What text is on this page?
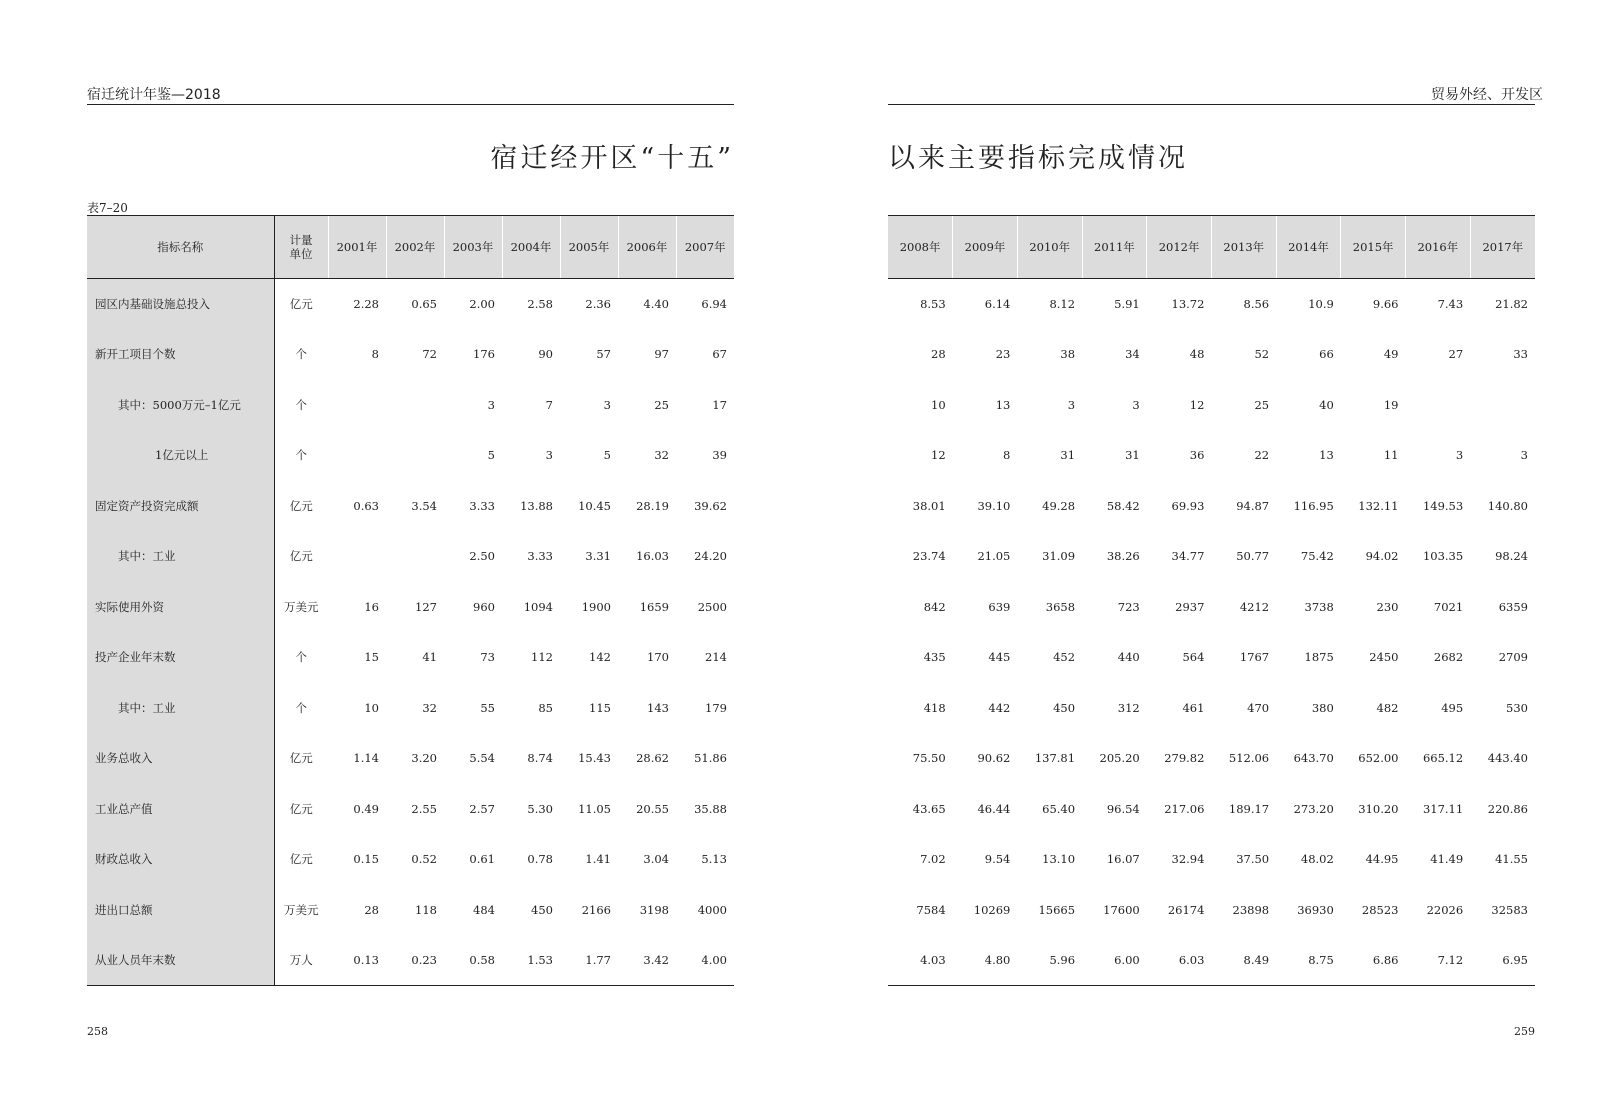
宿迁统计年鉴—2018
宿迁经开区“十五”
表7–20
指标名称	计量
单位	2001年	2002年	2003年	2004年	2005年	2006年	2007年
园区内基础设施总投入	亿元	2.28	0.65	2.00	2.58	2.36	4.40	6.94
新开工项目个数	个	8	72	176	90	57	97	67
其中：5000万元–1亿元	个			3	7	3	25	17
1亿元以上	个			5	3	5	32	39
固定资产投资完成额	亿元	0.63	3.54	3.33	13.88	10.45	28.19	39.62
其中：工业	亿元			2.50	3.33	3.31	16.03	24.20
实际使用外资	万美元	16	127	960	1094	1900	1659	2500
投产企业年末数	个	15	41	73	112	142	170	214
其中：工业	个	10	32	55	85	115	143	179
业务总收入	亿元	1.14	3.20	5.54	8.74	15.43	28.62	51.86
工业总产值	亿元	0.49	2.55	2.57	5.30	11.05	20.55	35.88
财政总收入	亿元	0.15	0.52	0.61	0.78	1.41	3.04	5.13
进出口总额	万美元	28	118	484	450	2166	3198	4000
从业人员年末数	万人	0.13	0.23	0.58	1.53	1.77	3.42	4.00
258
贸易外经、开发区
以来主要指标完成情况
2008年	2009年	2010年	2011年	2012年	2013年	2014年	2015年	2016年	2017年
8.53	6.14	8.12	5.91	13.72	8.56	10.9	9.66	7.43	21.82
28	23	38	34	48	52	66	49	27	33
10	13	3	3	12	25	40	19		
12	8	31	31	36	22	13	11	3	3
38.01	39.10	49.28	58.42	69.93	94.87	116.95	132.11	149.53	140.80
23.74	21.05	31.09	38.26	34.77	50.77	75.42	94.02	103.35	98.24
842	639	3658	723	2937	4212	3738	230	7021	6359
435	445	452	440	564	1767	1875	2450	2682	2709
418	442	450	312	461	470	380	482	495	530
75.50	90.62	137.81	205.20	279.82	512.06	643.70	652.00	665.12	443.40
43.65	46.44	65.40	96.54	217.06	189.17	273.20	310.20	317.11	220.86
7.02	9.54	13.10	16.07	32.94	37.50	48.02	44.95	41.49	41.55
7584	10269	15665	17600	26174	23898	36930	28523	22026	32583
4.03	4.80	5.96	6.00	6.03	8.49	8.75	6.86	7.12	6.95
259
